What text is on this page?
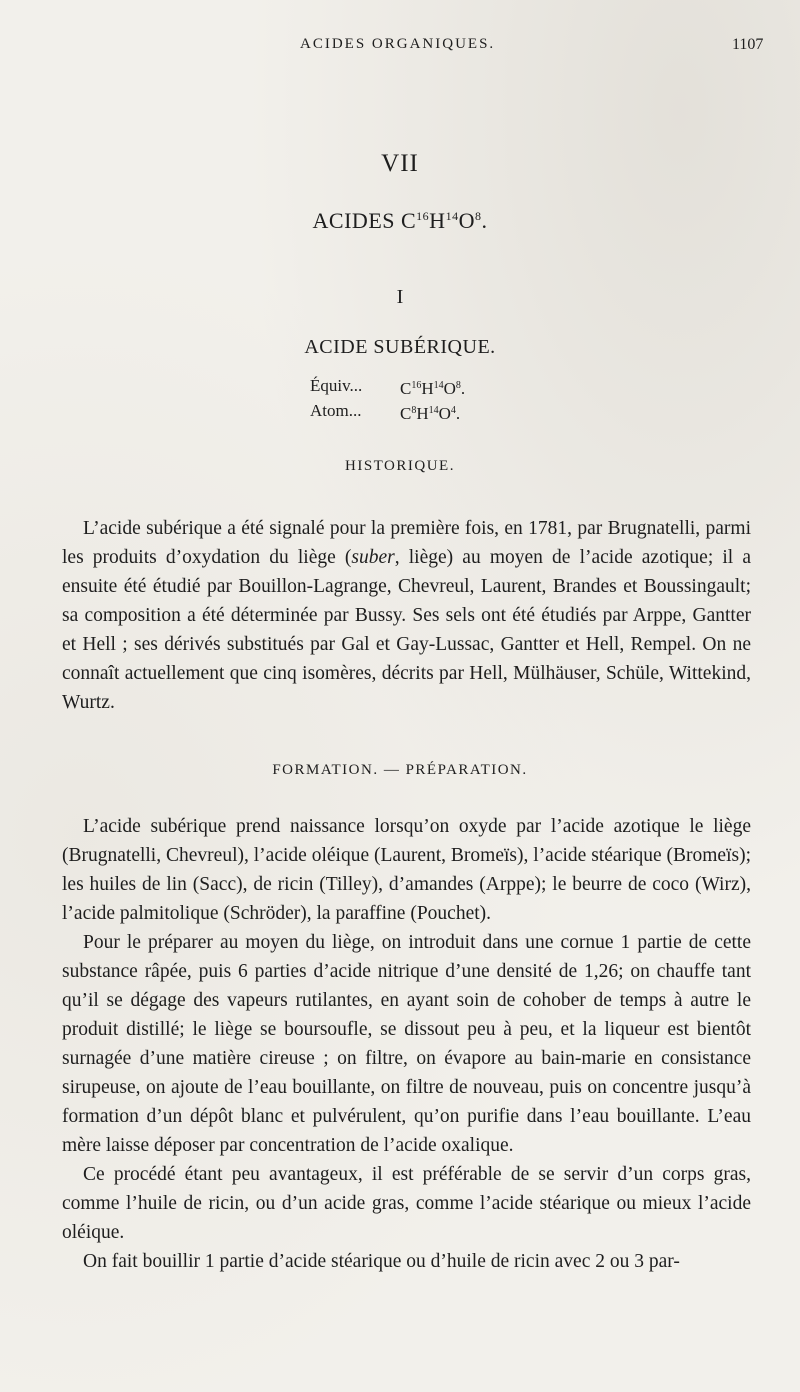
ACIDES ORGANIQUES.	1107
VII
ACIDES $C^{16}H^{14}O^8$.
I
ACIDE SUBÉRIQUE.
Équiv...	$C^{16}H^{14}O^8$.
Atom...	$C^8H^{14}O^4$.
HISTORIQUE.

L’acide subérique a été signalé pour la première fois, en 1781, par Brugnatelli, parmi les produits d’oxydation du liège (suber, liège) au moyen de l’acide azotique; il a ensuite été étudié par Bouillon-Lagrange, Chevreul, Laurent, Brandes et Boussingault; sa composition a été déterminée par Bussy. Ses sels ont été étudiés par Arppe, Gantter et Hell ; ses dérivés substitués par Gal et Gay-Lussac, Gantter et Hell, Rempel. On ne connaît actuellement que cinq isomères, décrits par Hell, Mülhäuser, Schüle, Wittekind, Wurtz.

FORMATION. — PRÉPARATION.

L’acide subérique prend naissance lorsqu’on oxyde par l’acide azotique le liège (Brugnatelli, Chevreul), l’acide oléique (Laurent, Bromeïs), l’acide stéarique (Bromeïs); les huiles de lin (Sacc), de ricin (Tilley), d’amandes (Arppe); le beurre de coco (Wirz), l’acide palmitolique (Schröder), la paraffine (Pouchet).

Pour le préparer au moyen du liège, on introduit dans une cornue 1 partie de cette substance râpée, puis 6 parties d’acide nitrique d’une densité de 1,26; on chauffe tant qu’il se dégage des vapeurs rutilantes, en ayant soin de cohober de temps à autre le produit distillé; le liège se boursoufle, se dissout peu à peu, et la liqueur est bientôt surnagée d’une matière cireuse ; on filtre, on évapore au bain-marie en consistance sirupeuse, on ajoute de l’eau bouillante, on filtre de nouveau, puis on concentre jusqu’à formation d’un dépôt blanc et pulvérulent, qu’on purifie dans l’eau bouillante. L’eau mère laisse déposer par concentration de l’acide oxalique.

Ce procédé étant peu avantageux, il est préférable de se servir d’un corps gras, comme l’huile de ricin, ou d’un acide gras, comme l’acide stéarique ou mieux l’acide oléique.

On fait bouillir 1 partie d’acide stéarique ou d’huile de ricin avec 2 ou 3 par-
